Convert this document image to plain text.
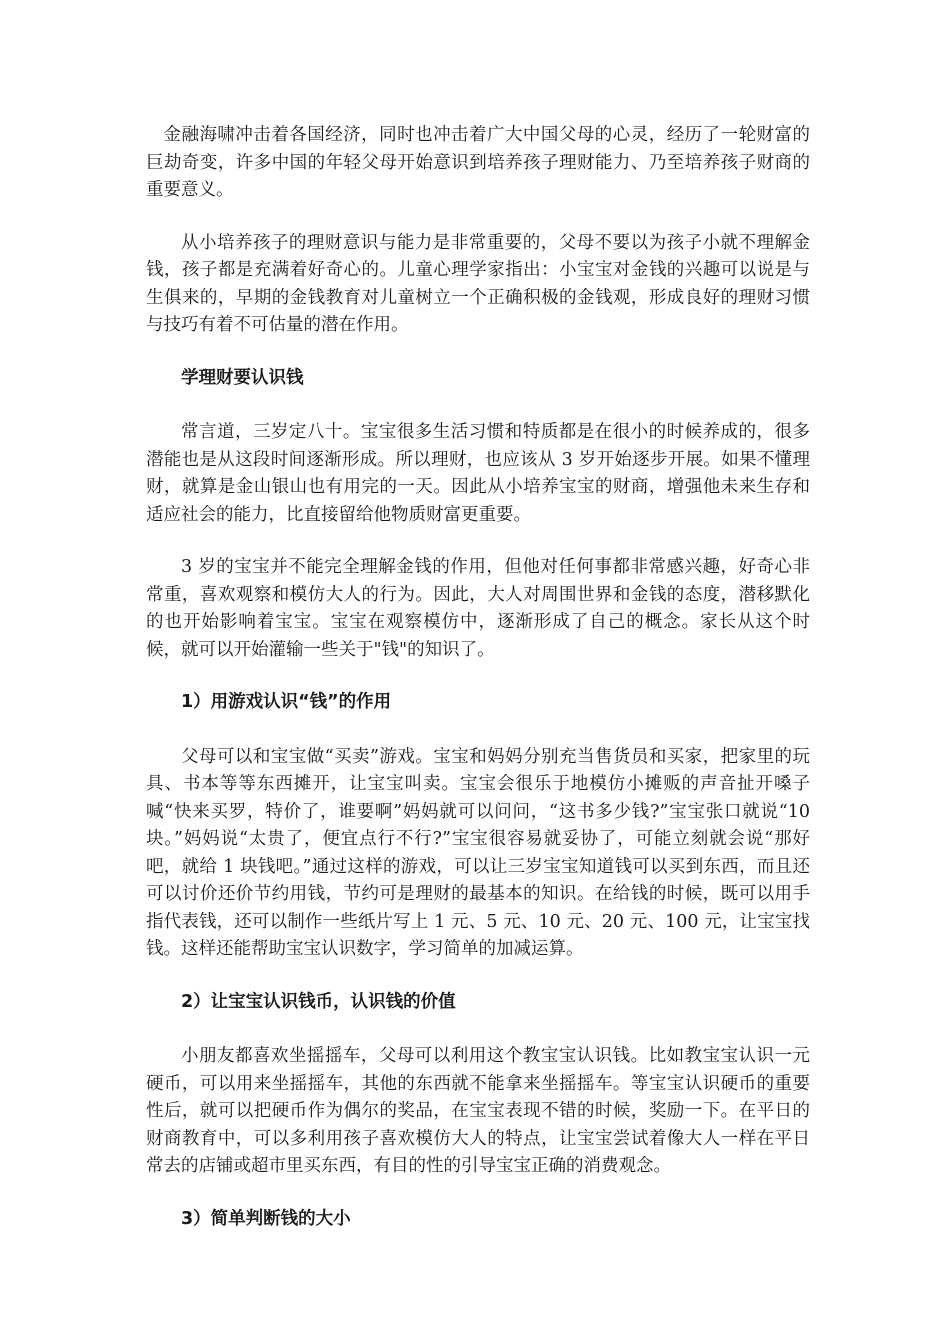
金融海啸冲击着各国经济，同时也冲击着广大中国父母的心灵，经历了一轮财富的巨劫奇变，许多中国的年轻父母开始意识到培养孩子理财能力、乃至培养孩子财商的重要意义。

从小培养孩子的理财意识与能力是非常重要的，父母不要以为孩子小就不理解金钱，孩子都是充满着好奇心的。儿童心理学家指出：小宝宝对金钱的兴趣可以说是与生俱来的，早期的金钱教育对儿童树立一个正确积极的金钱观，形成良好的理财习惯与技巧有着不可估量的潜在作用。

学理财要认识钱

常言道，三岁定八十。宝宝很多生活习惯和特质都是在很小的时候养成的，很多潜能也是从这段时间逐渐形成。所以理财，也应该从 3 岁开始逐步开展。如果不懂理财，就算是金山银山也有用完的一天。因此从小培养宝宝的财商，增强他未来生存和适应社会的能力，比直接留给他物质财富更重要。

3 岁的宝宝并不能完全理解金钱的作用，但他对任何事都非常感兴趣，好奇心非常重，喜欢观察和模仿大人的行为。因此，大人对周围世界和金钱的态度，潜移默化的也开始影响着宝宝。宝宝在观察模仿中，逐渐形成了自己的概念。家长从这个时候，就可以开始灌输一些关于"钱"的知识了。

1）用游戏认识“钱”的作用

父母可以和宝宝做“买卖”游戏。宝宝和妈妈分别充当售货员和买家，把家里的玩具、书本等等东西摊开，让宝宝叫卖。宝宝会很乐于地模仿小摊贩的声音扯开嗓子喊“快来买罗，特价了，谁要啊”妈妈就可以问问，“这书多少钱?”宝宝张口就说“10 块。”妈妈说“太贵了，便宜点行不行?”宝宝很容易就妥协了，可能立刻就会说“那好吧，就给 1 块钱吧。”通过这样的游戏，可以让三岁宝宝知道钱可以买到东西，而且还可以讨价还价节约用钱，节约可是理财的最基本的知识。在给钱的时候，既可以用手指代表钱，还可以制作一些纸片写上 1 元、5 元、10 元、20 元、100 元，让宝宝找钱。这样还能帮助宝宝认识数字，学习简单的加减运算。

2）让宝宝认识钱币，认识钱的价值

小朋友都喜欢坐摇摇车，父母可以利用这个教宝宝认识钱。比如教宝宝认识一元硬币，可以用来坐摇摇车，其他的东西就不能拿来坐摇摇车。等宝宝认识硬币的重要性后，就可以把硬币作为偶尔的奖品，在宝宝表现不错的时候，奖励一下。在平日的财商教育中，可以多利用孩子喜欢模仿大人的特点，让宝宝尝试着像大人一样在平日常去的店铺或超市里买东西，有目的性的引导宝宝正确的消费观念。

3）简单判断钱的大小
